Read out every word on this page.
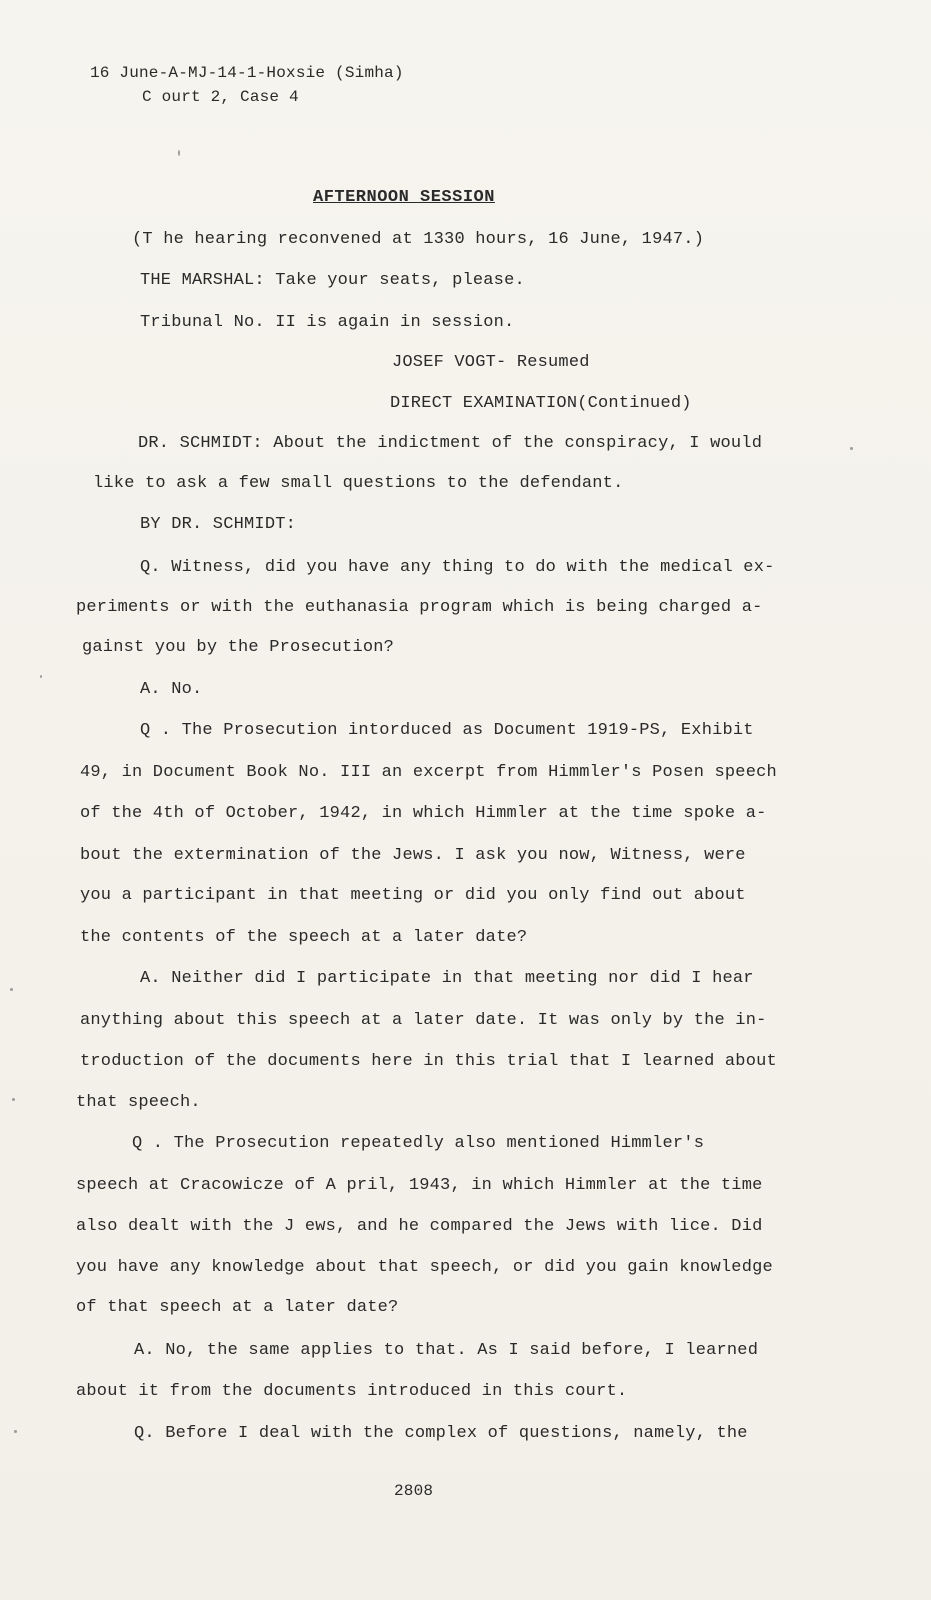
16 June-A-MJ-14-1-Hoxsie (Simha)
C ourt 2, Case 4
AFTERNOON SESSION
(T he hearing reconvened at 1330 hours, 16 June, 1947.)
THE MARSHAL: Take your seats, please.
Tribunal No. II is again in session.
JOSEF VOGT- Resumed
DIRECT EXAMINATION(Continued)
DR. SCHMIDT: About the indictment of the conspiracy, I would
like to ask a few small questions to the defendant.
BY DR. SCHMIDT:
Q. Witness, did you have any thing to do with the medical ex-
periments or with the euthanasia program which is being charged a-
gainst you by the Prosecution?
A. No.
Q . The Prosecution intorduced as Document 1919-PS, Exhibit
49, in Document Book No. III an excerpt from Himmler's Posen speech
of the 4th of October, 1942, in which Himmler at the time spoke a-
bout the extermination of the Jews. I ask you now, Witness, were
you a participant in that meeting or did you only find out about
the contents of the speech at a later date?
A. Neither did I participate in that meeting nor did I hear
anything about this speech at a later date. It was only by the in-
troduction of the documents here in this trial that I learned about
that speech.
Q . The Prosecution repeatedly also mentioned Himmler's
speech at Cracowicze of A pril, 1943, in which Himmler at the time
also dealt with the J ews, and he compared the Jews with lice. Did
you have any knowledge about that speech, or did you gain knowledge
of that speech at a later date?
A. No, the same applies to that. As I said before, I learned
about it from the documents introduced in this court.
Q. Before I deal with the complex of questions, namely, the
2808
